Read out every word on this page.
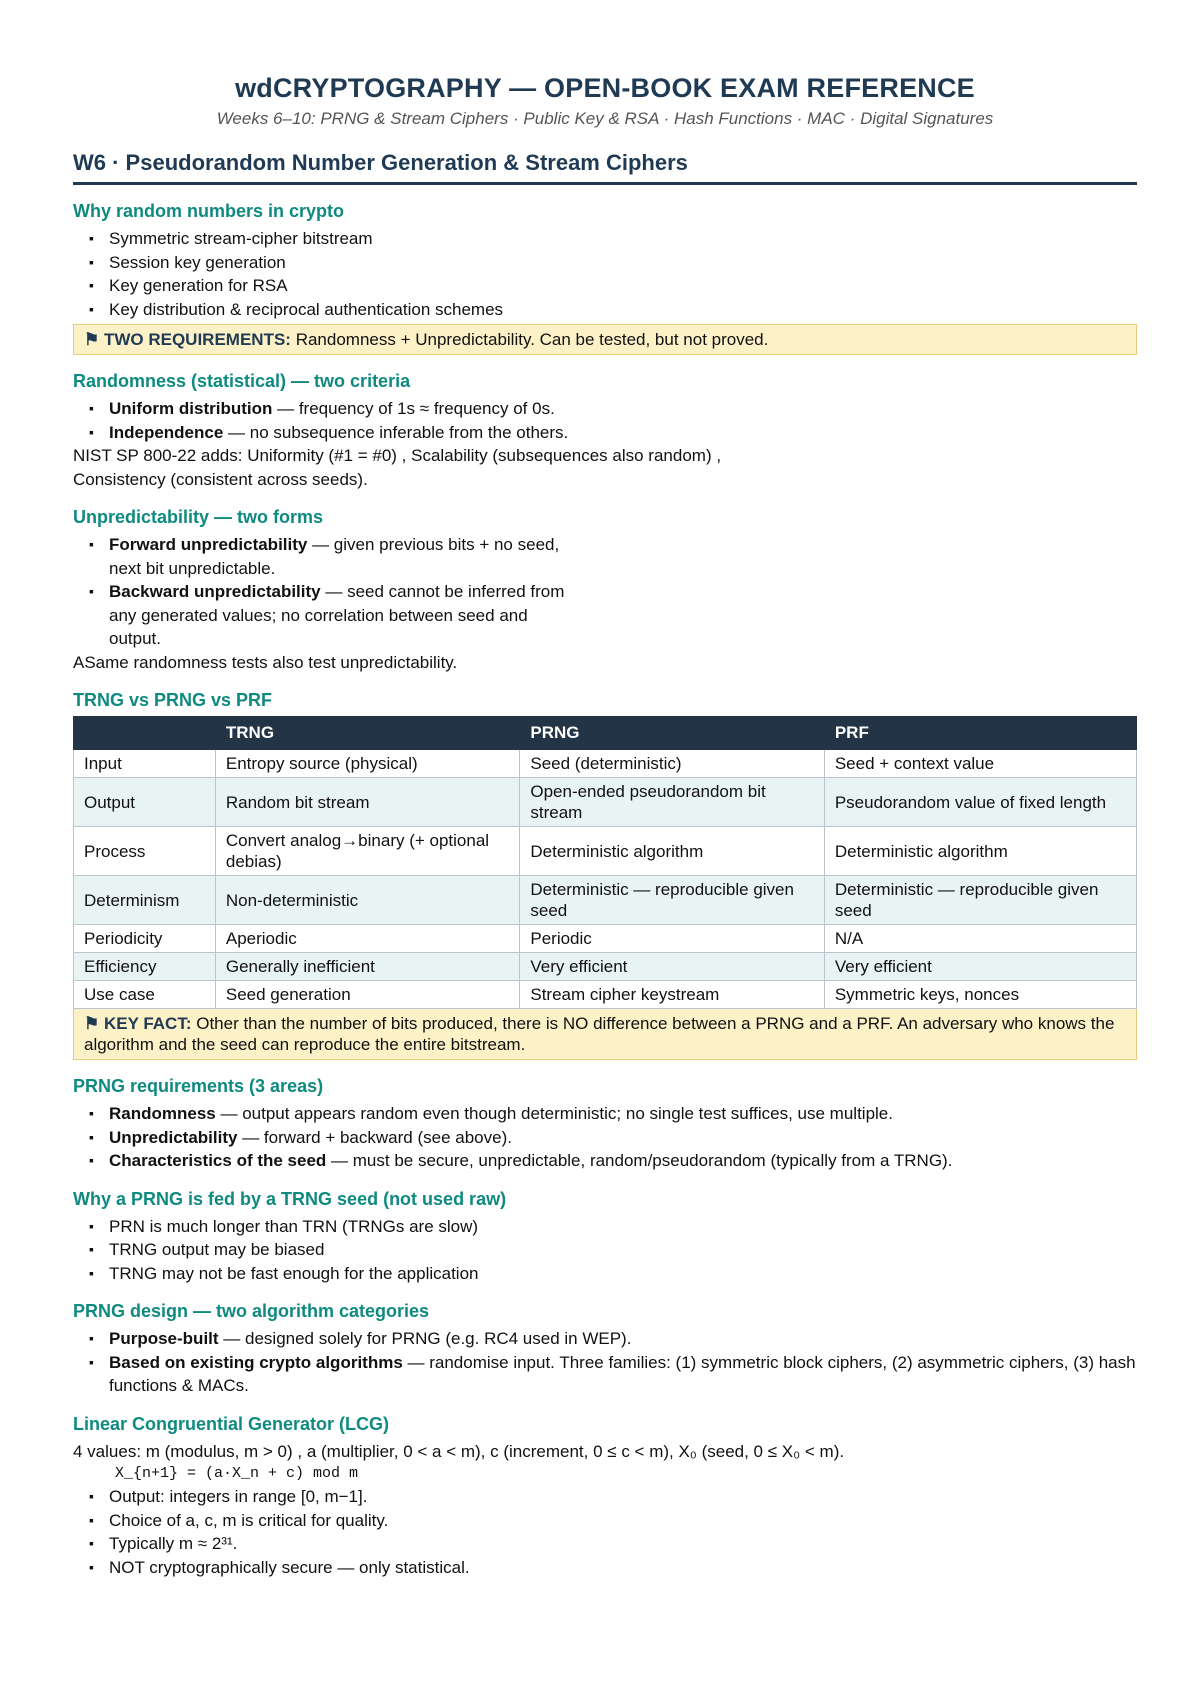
wdCRYPTOGRAPHY — OPEN-BOOK EXAM REFERENCE

Weeks 6–10: PRNG & Stream Ciphers · Public Key & RSA · Hash Functions · MAC · Digital Signatures

W6 · Pseudorandom Number Generation & Stream Ciphers
Why random numbers in crypto
▪ Symmetric stream-cipher bitstream
▪ Session key generation
▪ Key generation for RSA
▪ Key distribution & reciprocal authentication schemes
⚑ TWO REQUIREMENTS: Randomness + Unpredictability. Can be tested, but not proved.
Randomness (statistical) — two criteria
▪ Uniform distribution — frequency of 1s ≈ frequency of 0s.
▪ Independence — no subsequence inferable from the others.

NIST SP 800-22 adds: Uniformity (#1 = #0) , Scalability (subsequences also random) ,

Consistency (consistent across seeds).

Unpredictability — two forms
▪ Forward unpredictability — given previous bits + no seed, next bit unpredictable.
▪ Backward unpredictability — seed cannot be inferred from any generated values; no correlation between seed and output.

ASame randomness tests also test unpredictability.

TRNG vs PRNG vs PRF
	TRNG	PRNG	PRF
Input	Entropy source (physical)	Seed (deterministic)	Seed + context value
Output	Random bit stream	Open-ended pseudorandom bit stream	Pseudorandom value of fixed length
Process	Convert analog→binary (+ optional debias)	Deterministic algorithm	Deterministic algorithm
Determinism	Non-deterministic	Deterministic — reproducible given seed	Deterministic — reproducible given seed
Periodicity	Aperiodic	Periodic	N/A
Efficiency	Generally inefficient	Very efficient	Very efficient
Use case	Seed generation	Stream cipher keystream	Symmetric keys, nonces
⚑ KEY FACT: Other than the number of bits produced, there is NO difference between a PRNG and a PRF. An adversary who knows the algorithm and the seed can reproduce the entire bitstream.			
PRNG requirements (3 areas)
▪ Randomness — output appears random even though deterministic; no single test suffices, use multiple.
▪ Unpredictability — forward + backward (see above).
▪ Characteristics of the seed — must be secure, unpredictable, random/pseudorandom (typically from a TRNG).
Why a PRNG is fed by a TRNG seed (not used raw)
▪ PRN is much longer than TRN (TRNGs are slow)
▪ TRNG output may be biased
▪ TRNG may not be fast enough for the application
PRNG design — two algorithm categories
▪ Purpose-built — designed solely for PRNG (e.g. RC4 used in WEP).
▪ Based on existing crypto algorithms — randomise input. Three families: (1) symmetric block ciphers, (2) asymmetric ciphers, (3) hash functions & MACs.
Linear Congruential Generator (LCG)

4 values: m (modulus, m > 0) , a (multiplier, 0 < a < m), c (increment, 0 ≤ c < m), X₀ (seed, 0 ≤ X₀ < m).

X_{n+1} = (a·X_n + c) mod m
▪ Output: integers in range [0, m−1].
▪ Choice of a, c, m is critical for quality.
▪ Typically m ≈ 2³¹.
▪ NOT cryptographically secure — only statistical.
